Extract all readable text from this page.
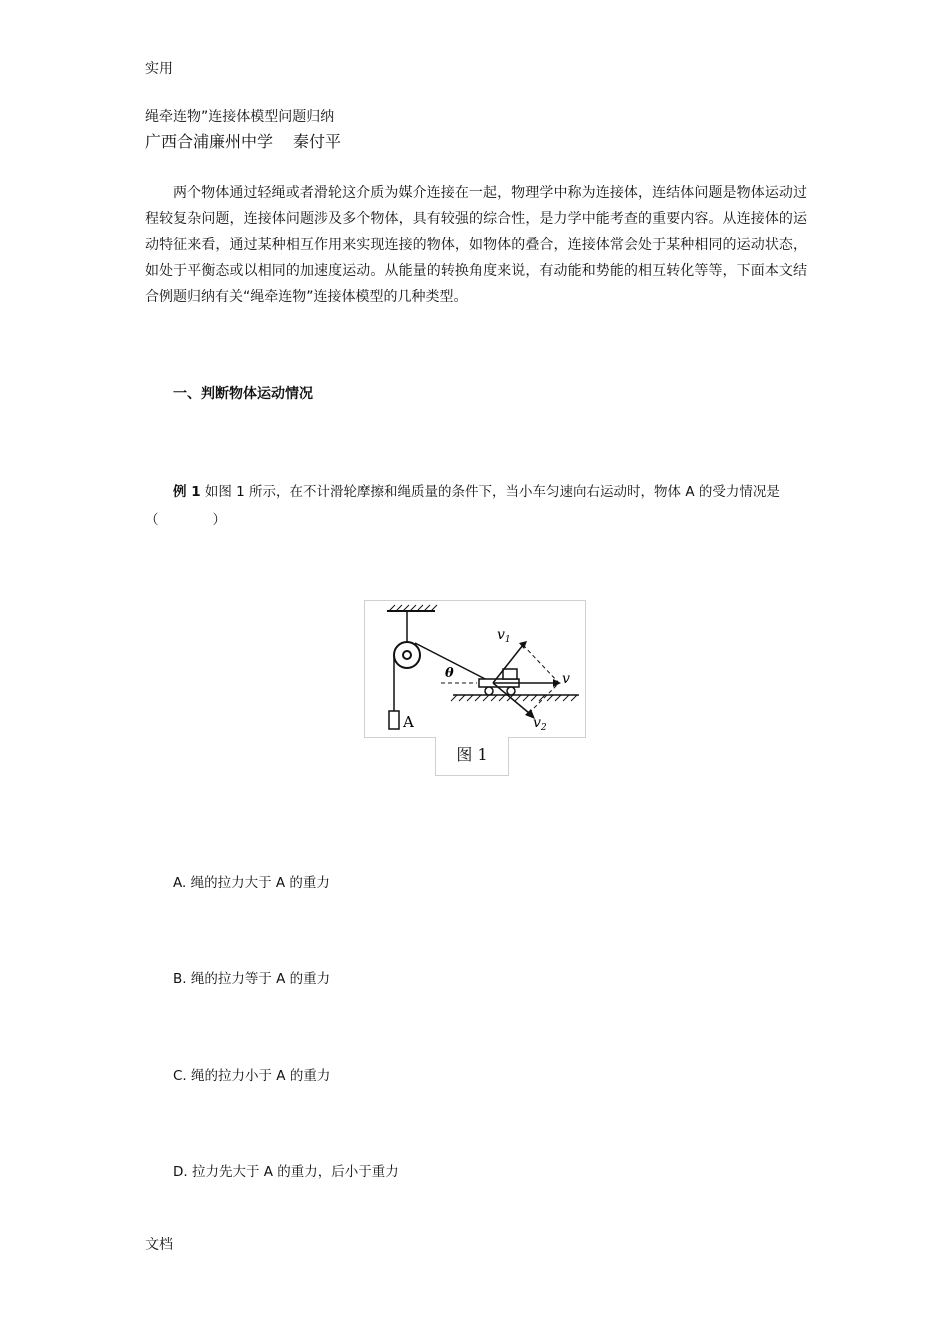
实用
绳牵连物”连接体模型问题归纳
广西合浦廉州中学 秦付平
两个物体通过轻绳或者滑轮这介质为媒介连接在一起，物理学中称为连接体，连结体问题是物体运动过程较复杂问题，连接体问题涉及多个物体，具有较强的综合性，是力学中能考查的重要内容。从连接体的运动特征来看，通过某种相互作用来实现连接的物体，如物体的叠合，连接体常会处于某种相同的运动状态，如处于平衡态或以相同的加速度运动。从能量的转换角度来说，有动能和势能的相互转化等等，下面本文结合例题归纳有关“绳牵连物”连接体模型的几种类型。
一、判断物体运动情况
例 1 如图 1 所示，在不计滑轮摩擦和绳质量的条件下，当小车匀速向右运动时，物体 A 的受力情况是（　　　　）
A
θ	v
$v_1$
$v_2$
图 1
A. 绳的拉力大于 A 的重力
B. 绳的拉力等于 A 的重力
C. 绳的拉力小于 A 的重力
D. 拉力先大于 A 的重力，后小于重力
文档
